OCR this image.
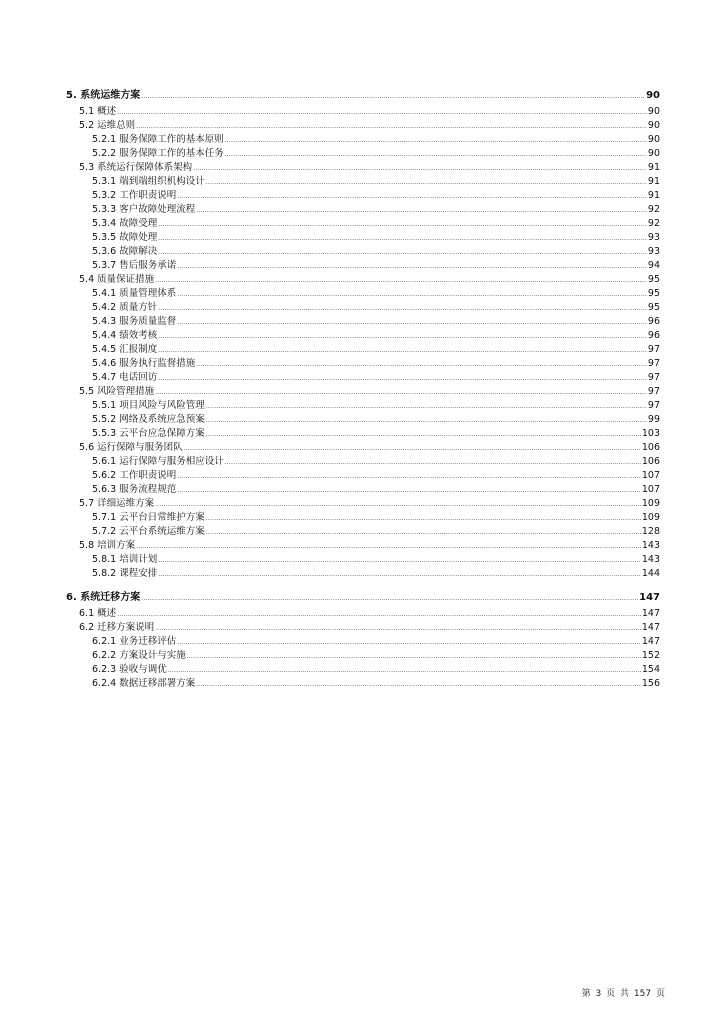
5. 系统运维方案 .....	90
5.1 概述 .....	90
5.2 运维总则 .....	90
5.2.1 服务保障工作的基本原则 .....	90
5.2.2 服务保障工作的基本任务 .....	90
5.3 系统运行保障体系架构 .....	91
5.3.1 端到端组织机构设计 .....	91
5.3.2 工作职责说明 .....	91
5.3.3 客户故障处理流程 .....	92
5.3.4 故障受理 .....	92
5.3.5 故障处理 .....	93
5.3.6 故障解决 .....	93
5.3.7 售后服务承诺 .....	94
5.4 质量保证措施 .....	95
5.4.1 质量管理体系 .....	95
5.4.2 质量方针 .....	95
5.4.3 服务质量监督 .....	96
5.4.4 绩效考核 .....	96
5.4.5 汇报制度 .....	97
5.4.6 服务执行监督措施 .....	97
5.4.7 电话回访 .....	97
5.5 风险管理措施 .....	97
5.5.1 项目风险与风险管理 .....	97
5.5.2 网络及系统应急预案 .....	99
5.5.3 云平台应急保障方案 .....	103
5.6 运行保障与服务团队 .....	106
5.6.1 运行保障与服务相应设计 .....	106
5.6.2 工作职责说明 .....	107
5.6.3 服务流程规范 .....	107
5.7 详细运维方案 .....	109
5.7.1 云平台日常维护方案 .....	109
5.7.2 云平台系统运维方案 .....	128
5.8 培训方案 .....	143
5.8.1 培训计划 .....	143
5.8.2 课程安排 .....	144
6. 系统迁移方案 .....	147
6.1 概述 .....	147
6.2 迁移方案说明 .....	147
6.2.1 业务迁移评估 .....	147
6.2.2 方案设计与实施 .....	152
6.2.3 验收与调优 .....	154
6.2.4 数据迁移部署方案 .....	156
第 3 页 共 157 页
